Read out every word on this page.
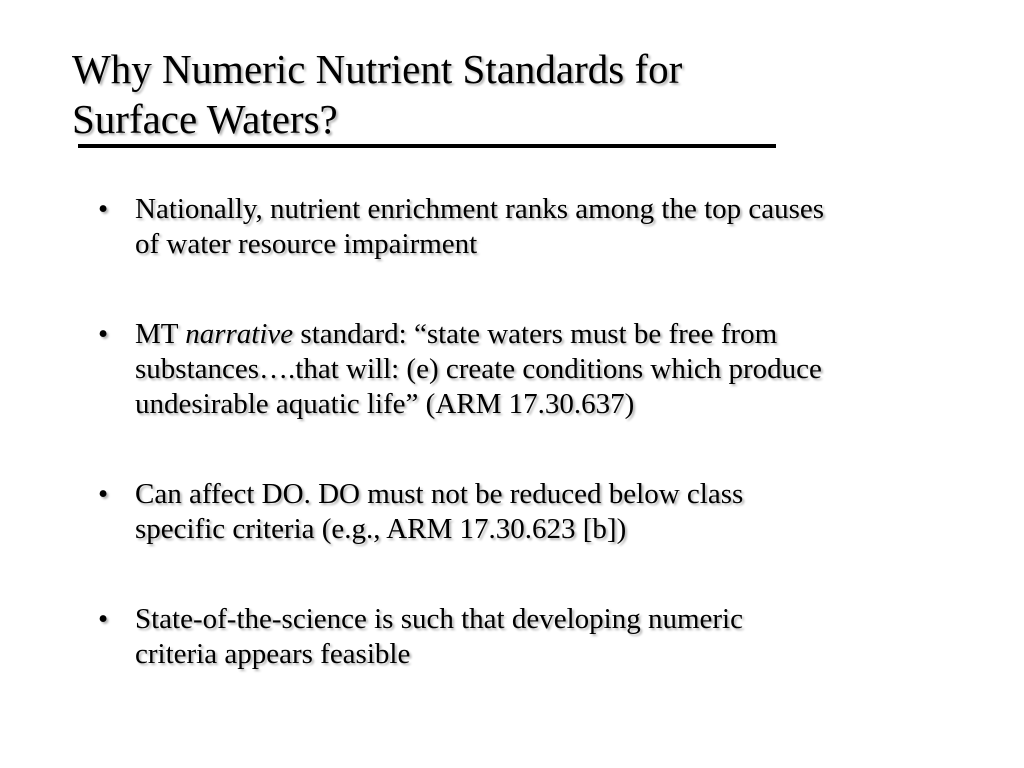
Why Numeric Nutrient Standards for
Surface Waters?
• Nationally, nutrient enrichment ranks among the top causes
of water resource impairment

• MT narrative standard: “state waters must be free from
substances….that will: (e) create conditions which produce
undesirable aquatic life” (ARM 17.30.637)

• Can affect DO. DO must not be reduced below class
specific criteria (e.g., ARM 17.30.623 [b])

• State-of-the-science is such that developing numeric
criteria appears feasible
